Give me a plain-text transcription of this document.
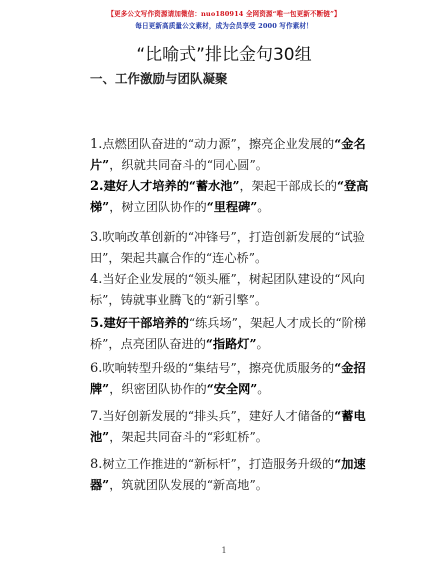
【更多公文写作资源请加微信：nuo180914 全网资源“唯一包更新不断链”】
每日更新高质量公文素材，成为会员享受 2000 写作素材！
“比喻式”排比金句30组
一、工作激励与团队凝聚

1.点燃团队奋进的“动力源”，擦亮企业发展的“金名片”，织就共同奋斗的“同心圆”。

2.建好人才培养的“蓄水池”，架起干部成长的“登高梯”，树立团队协作的“里程碑”。

3.吹响改革创新的“冲锋号”，打造创新发展的“试验田”，架起共赢合作的“连心桥”。

4.当好企业发展的“领头雁”，树起团队建设的“风向标”，铸就事业腾飞的“新引擎”。

5.建好干部培养的“练兵场”，架起人才成长的“阶梯桥”，点亮团队奋进的“指路灯”。

6.吹响转型升级的“集结号”，擦亮优质服务的“金招牌”，织密团队协作的“安全网”。

7.当好创新发展的“排头兵”，建好人才储备的“蓄电池”，架起共同奋斗的“彩虹桥”。

8.树立工作推进的“新标杆”，打造服务升级的“加速器”，筑就团队发展的“新高地”。

1
